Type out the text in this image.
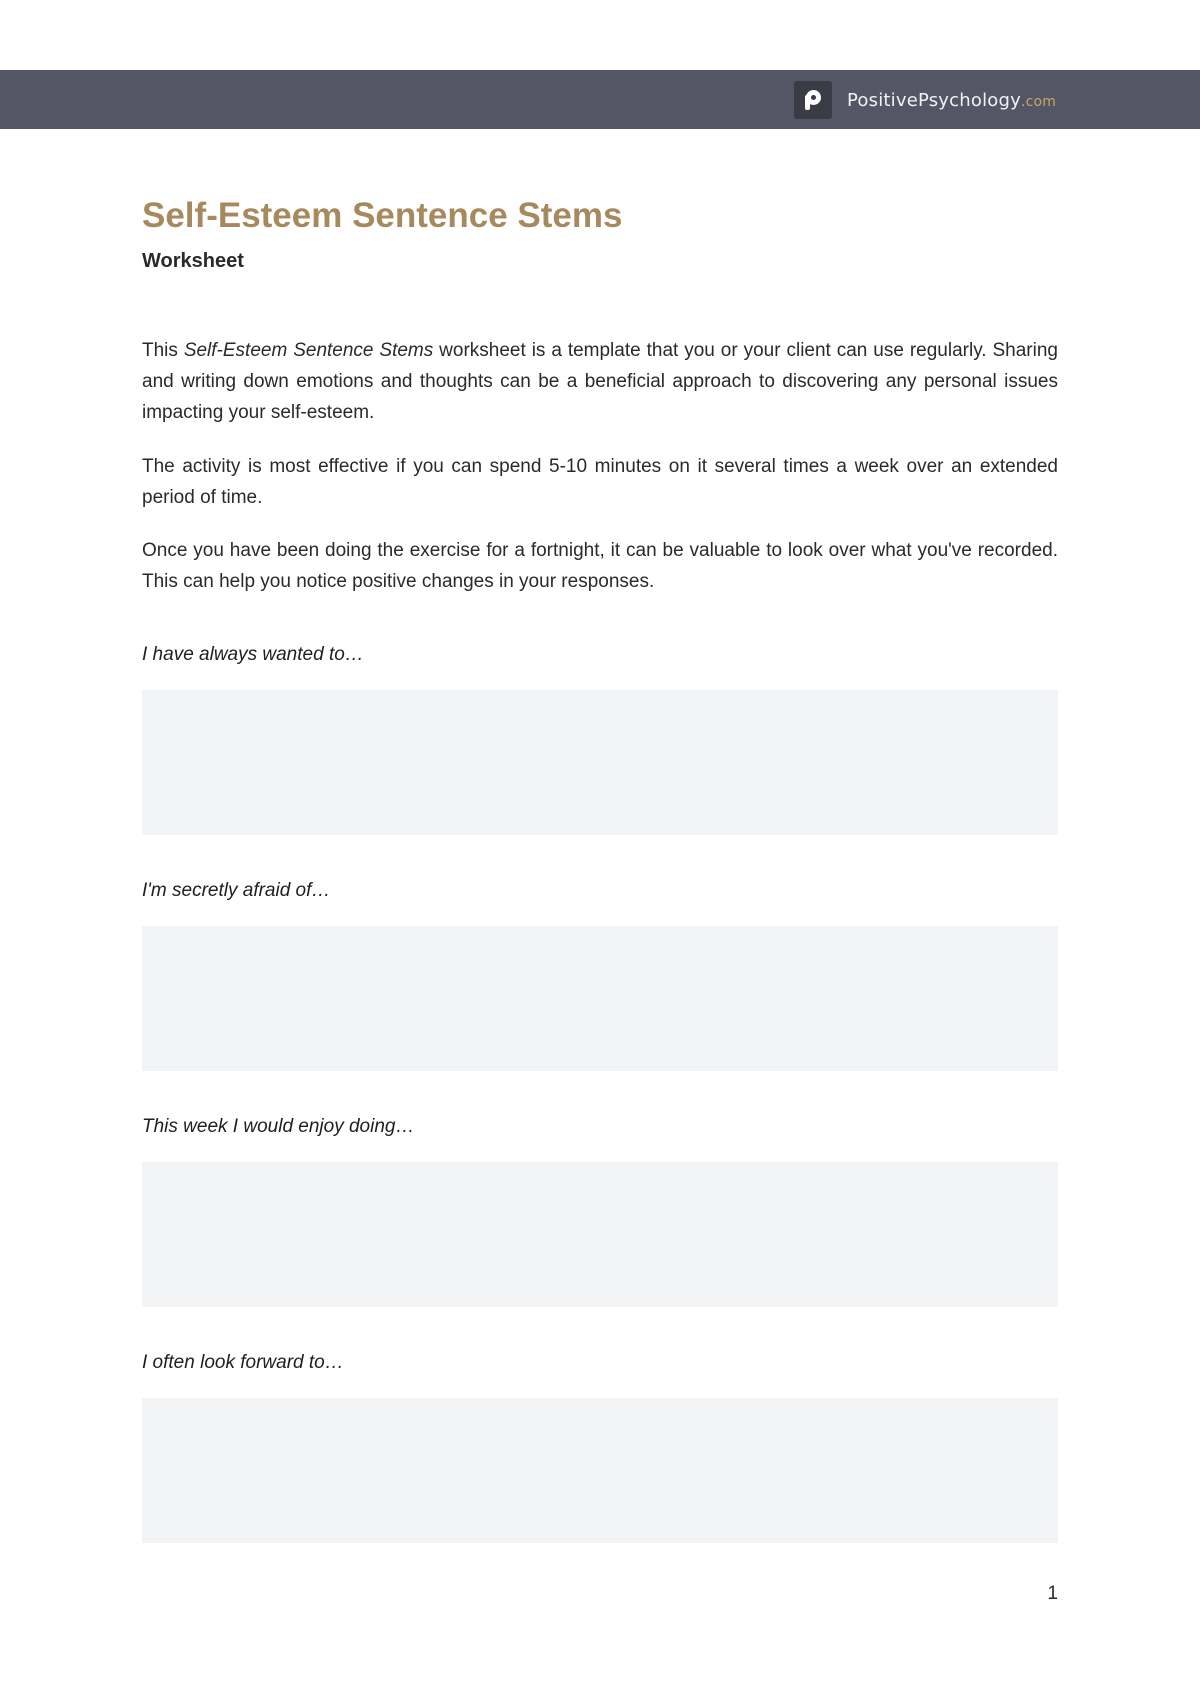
PositivePsychology.com
Self-Esteem Sentence Stems
Worksheet

This Self-Esteem Sentence Stems worksheet is a template that you or your client can use regularly. Sharing and writing down emotions and thoughts can be a beneficial approach to discovering any personal issues impacting your self-esteem.

The activity is most effective if you can spend 5-10 minutes on it several times a week over an extended period of time.

Once you have been doing the exercise for a fortnight, it can be valuable to look over what you've recorded. This can help you notice positive changes in your responses.

I have always wanted to…

I'm secretly afraid of…

This week I would enjoy doing…

I often look forward to…

1
